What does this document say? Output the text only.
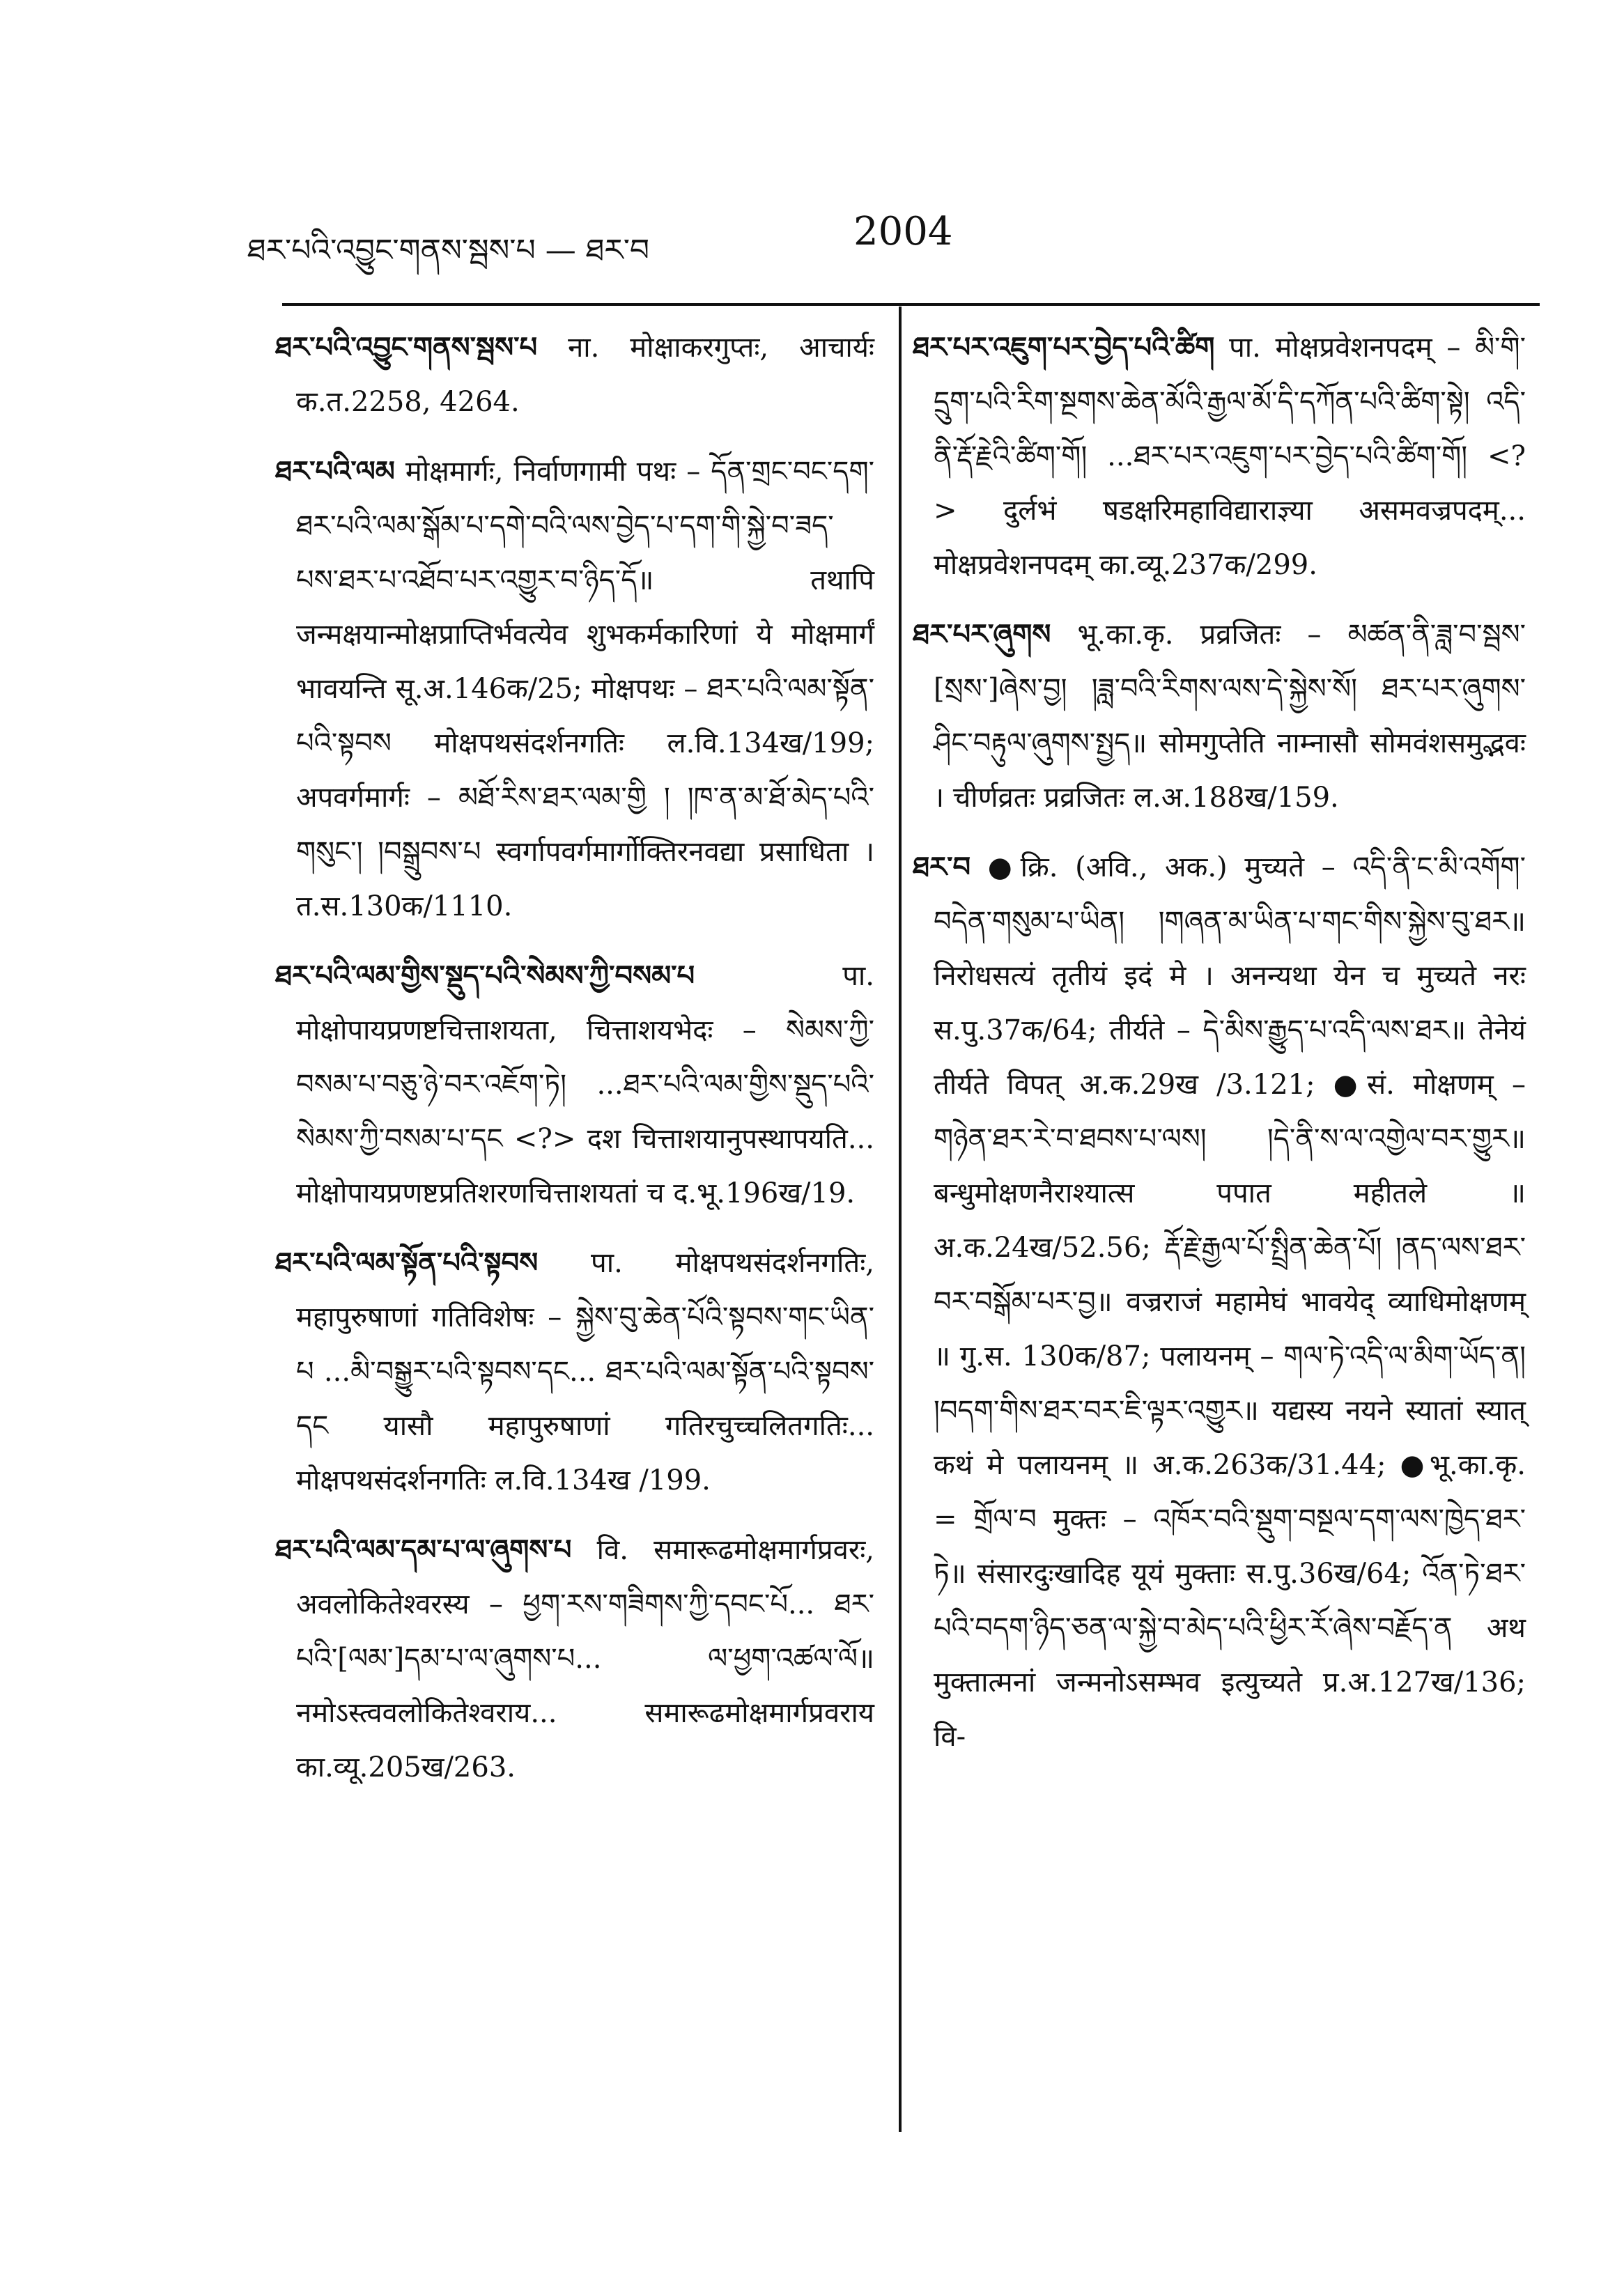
ཐར་པའི་འབྱུང་གནས་སྦས་པ — ཐར་བ	2004

ཐར་པའི་འབྱུང་གནས་སྦས་པ ना. मोक्षाकरगुप्तः, आचार्यः क.त.2258, 4264.

ཐར་པའི་ལམ मोक्षमार्गः, निर्वाणगामी पथः – དོན་གྲང་བང་དག་ཐར་པའི་ལམ་སྒོམ་པ་དགེ་བའི་ལས་བྱེད་པ་དག་གི་སྐྱེ་བ་ཟད་པས་ཐར་པ་འཐོབ་པར་འགྱུར་བ་ཉིད་དོ॥ तथापि जन्मक्षयान्मोक्षप्राप्तिर्भवत्येव शुभकर्मकारिणां ये मोक्षमार्गं भावयन्ति सू.अ.146क/25; मोक्षपथः – ཐར་པའི་ལམ་སྟོན་པའི་སྟབས मोक्षपथसंदर्शनगतिः ल.वि.134ख/199; अपवर्गमार्गः – མཐོ་རིས་ཐར་ལམ་གྱི ། །ཁ་ན་མ་ཐོ་མེད་པའི་གསུང་། །བསྒྲུབས་པ स्वर्गापवर्गमार्गोक्तिरनवद्या प्रसाधिता । त.स.130क/1110.

ཐར་པའི་ལམ་གྱིས་སྡུད་པའི་སེམས་ཀྱི་བསམ་པ	पा. मोक्षोपायप्रणष्टचित्ताशयता, चित्ताशयभेदः – སེམས་ཀྱི་བསམ་པ་བཅུ་ཉེ་བར་འཇོག་ཏེ། ...ཐར་པའི་ལམ་གྱིས་སྡུད་པའི་སེམས་ཀྱི་བསམ་པ་དང <?> दश चित्ताशयानुपस्थापयति... मोक्षोपायप्रणष्टप्रतिशरणचित्ताशयतां च द.भू.196ख/19.

ཐར་པའི་ལམ་སྟོན་པའི་སྟབས पा. मोक्षपथसंदर्शनगतिः, महापुरुषाणां गतिविशेषः – སྐྱེས་བུ་ཆེན་པོའི་སྟབས་གང་ཡིན་པ ...མི་བསྒྱུར་པའི་སྟབས་དང... ཐར་པའི་ལམ་སྟོན་པའི་སྟབས་དང यासौ महापुरुषाणां गतिरचुच्चलितगतिः... मोक्षपथसंदर्शनगतिः ल.वि.134ख /199.

ཐར་པའི་ལམ་དམ་པ་ལ་ཞུགས་པ वि. समारूढमोक्षमार्गप्रवरः, अवलोकितेश्वरस्य – ཕྱག་རས་གཟིགས་ཀྱི་དབང་པོ... ཐར་པའི་[ལམ་]དམ་པ་ལ་ཞུགས་པ... ལ་ཕྱག་འཚལ་ལོ॥ नमोऽस्त्ववलोकितेश्वराय... समारूढमोक्षमार्गप्रवराय का.व्यू.205ख/263.

ཐར་པར་འཇུག་པར་བྱེད་པའི་ཚིག पा. मोक्षप्रवेशनपदम् – མི་གི་དྲུག་པའི་རིག་སྔགས་ཆེན་མོའི་རྒྱལ་མོ་དི་དཀོན་པའི་ཚིག་སྟེ། འདི་ནི་རྡོ་རྗེའི་ཚིག་གོ། ...ཐར་པར་འཇུག་པར་བྱེད་པའི་ཚིག་གོ། <?> दुर्लभं षडक्षरिमहाविद्याराज्ञ्या असमवज्रपदम्... मोक्षप्रवेशनपदम् का.व्यू.237क/299.

ཐར་པར་ཞུགས भू.का.कृ. प्रव्रजितः – མཚན་ནི་ཟླ་བ་སྦས་[སྲས་]ཞེས་བྱ། །ཟླ་བའི་རིགས་ལས་དེ་སྐྱེས་སོ། ཐར་པར་ཞུགས་ཤིང་བརྟུལ་ཞུགས་སྤྱད॥ सोमगुप्तेति नाम्नासौ सोमवंशसमुद्भवः । चीर्णव्रतः प्रव्रजितः ल.अ.188ख/159.

ཐར་བ ●क्रि. (अवि., अक.) मुच्यते – འདི་ནི་ང་མི་འགོག་བདེན་གསུམ་པ་ཡིན། །གཞན་མ་ཡིན་པ་གང་གིས་སྐྱེས་བུ་ཐར॥ निरोधसत्यं तृतीयं इदं मे । अनन्यथा येन च मुच्यते नरः स.पु.37क/64; तीर्यते – དེ་མིས་རྒྱུད་པ་འདི་ལས་ཐར॥ तेनेयं तीर्यते विपत् अ.क.29ख /3.121; ●सं. मोक्षणम् – གཉེན་ཐར་རེ་བ་ཐབས་པ་ལས། །དེ་ནི་ས་ལ་འགྱེལ་བར་གྱུར॥ बन्धुमोक्षणनैराश्यात्स पपात महीतले ॥ अ.क.24ख/52.56; རྡོ་རྗེ་རྒྱལ་པོ་སྤྲིན་ཆེན་པོ། །ནད་ལས་ཐར་བར་བསྒོམ་པར་བྱ॥ वज्रराजं महामेघं भावयेद् व्याधिमोक्षणम् ॥ गु.स. 130क/87; पलायनम् – གལ་ཏེ་འདི་ལ་མིག་ཡོད་ན། །བདག་གིས་ཐར་བར་ཇི་ལྟར་འགྱུར॥ यद्यस्य नयने स्यातां स्यात् कथं मे पलायनम् ॥ अ.क.263क/31.44; ●भू.का.कृ. = གྲོལ་བ मुक्तः – འཁོར་བའི་སྡུག་བསྔལ་དག་ལས་ཁྱེད་ཐར་ཏེ॥ संसारदुःखादिह यूयं मुक्ताः स.पु.36ख/64; འོན་ཏེ་ཐར་པའི་བདག་ཉིད་ཅན་ལ་སྐྱེ་བ་མེད་པའི་ཕྱིར་རོ་ཞེས་བརྗོད་ན अथ मुक्तात्मनां जन्मनोऽसम्भव इत्युच्यते प्र.अ.127ख/136; वि-
